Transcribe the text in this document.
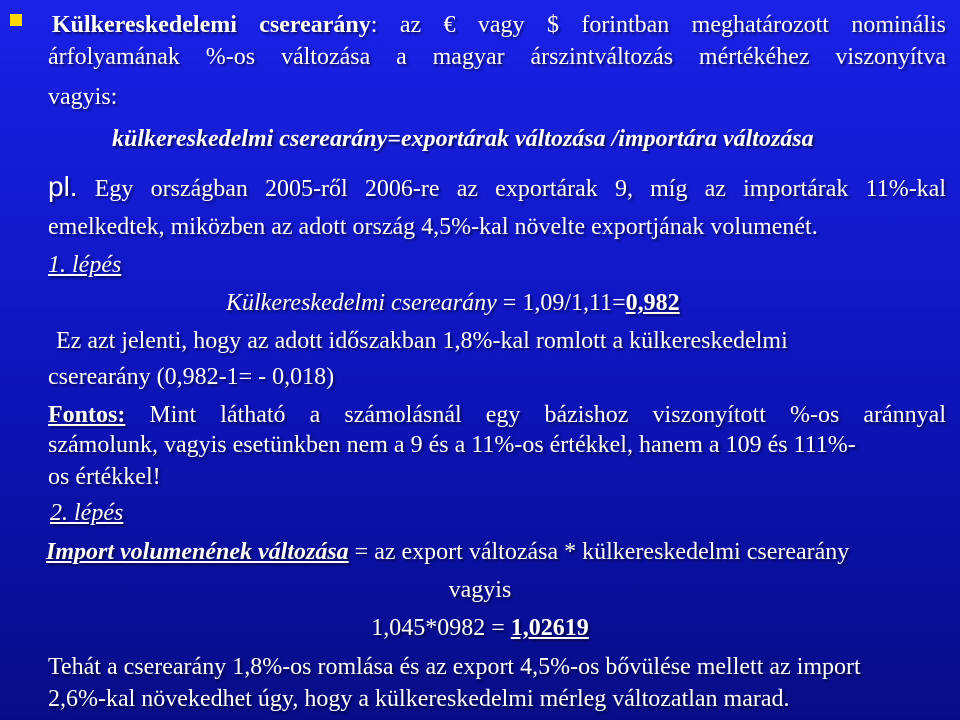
Külkereskedelemi cserearány: az € vagy $ forintban meghatározott nominális
árfolyamának %-os változása a magyar árszintváltozás mértékéhez viszonyítva
vagyis:
külkereskedelmi cserearány=exportárak változása /importára változása
pl. Egy országban 2005-ről 2006-re az exportárak 9, míg az importárak 11%-kal
emelkedtek, miközben az adott ország 4,5%-kal növelte exportjának volumenét.
1. lépés
Külkereskedelmi cserearány = 1,09/1,11=0,982
Ez azt jelenti, hogy az adott időszakban 1,8%-kal romlott a külkereskedelmi
cserearány (0,982-1= - 0,018)
Fontos: Mint látható a számolásnál egy bázishoz viszonyított %-os aránnyal
számolunk, vagyis esetünkben nem a 9 és a 11%-os értékkel, hanem a 109 és 111%-
os értékkel!
2. lépés
Import volumenének változása = az export változása * külkereskedelmi cserearány
vagyis
1,045*0982 = 1,02619
Tehát a cserearány 1,8%-os romlása és az export 4,5%-os bővülése mellett az import
2,6%-kal növekedhet úgy, hogy a külkereskedelmi mérleg változatlan marad.
